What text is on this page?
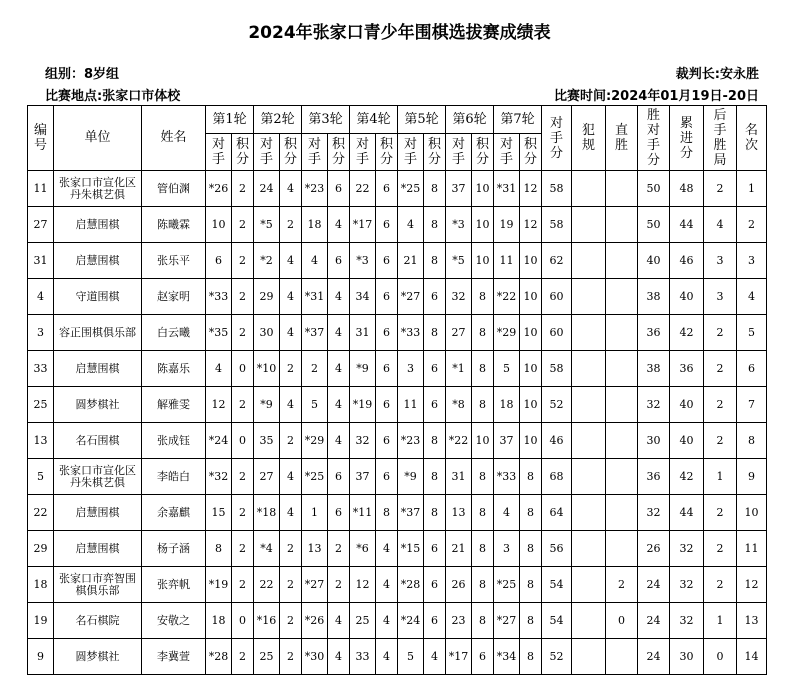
2024年张家口青少年围棋选拔赛成绩表
组别：8岁组	裁判长:安永胜
比赛地点:张家口市体校	比赛时间:2024年01月19日-20日
编号	单位	姓名	第1轮		第2轮		第3轮		第4轮		第5轮		第6轮		第7轮		对手分	犯规	直胜	胜对手分	累进分	后手胜局	名次
			对手	积分	对手	积分	对手	积分	对手	积分	对手	积分	对手	积分	对手	积分							
11	张家口市宣化区丹朱棋艺俱	管伯渊	*26	2	24	4	*23	6	22	6	*25	8	37	10	*31	12	58			50	48	2	1
27	启慧围棋	陈曦霖	10	2	*5	2	18	4	*17	6	4	8	*3	10	19	12	58			50	44	4	2
31	启慧围棋	张乐平	6	2	*2	4	4	6	*3	6	21	8	*5	10	11	10	62			40	46	3	3
4	守道围棋	赵家明	*33	2	29	4	*31	4	34	6	*27	6	32	8	*22	10	60			38	40	3	4
3	容正围棋俱乐部	白云曦	*35	2	30	4	*37	4	31	6	*33	8	27	8	*29	10	60			36	42	2	5
33	启慧围棋	陈嘉乐	4	0	*10	2	2	4	*9	6	3	6	*1	8	5	10	58			38	36	2	6
25	圆梦棋社	解雅雯	12	2	*9	4	5	4	*19	6	11	6	*8	8	18	10	52			32	40	2	7
13	名石围棋	张成钰	*24	0	35	2	*29	4	32	6	*23	8	*22	10	37	10	46			30	40	2	8
5	张家口市宣化区丹朱棋艺俱	李皓白	*32	2	27	4	*25	6	37	6	*9	8	31	8	*33	8	68			36	42	1	9
22	启慧围棋	余嘉麒	15	2	*18	4	1	6	*11	8	*37	8	13	8	4	8	64			32	44	2	10
29	启慧围棋	杨子涵	8	2	*4	2	13	2	*6	4	*15	6	21	8	3	8	56			26	32	2	11
18	张家口市弈智围棋俱乐部	张弈帆	*19	2	22	2	*27	2	12	4	*28	6	26	8	*25	8	54		2	24	32	2	12
19	名石棋院	安敬之	18	0	*16	2	*26	4	25	4	*24	6	23	8	*27	8	54		0	24	32	1	13
9	圆梦棋社	李冀萱	*28	2	25	2	*30	4	33	4	5	4	*17	6	*34	8	52			24	30	0	14
